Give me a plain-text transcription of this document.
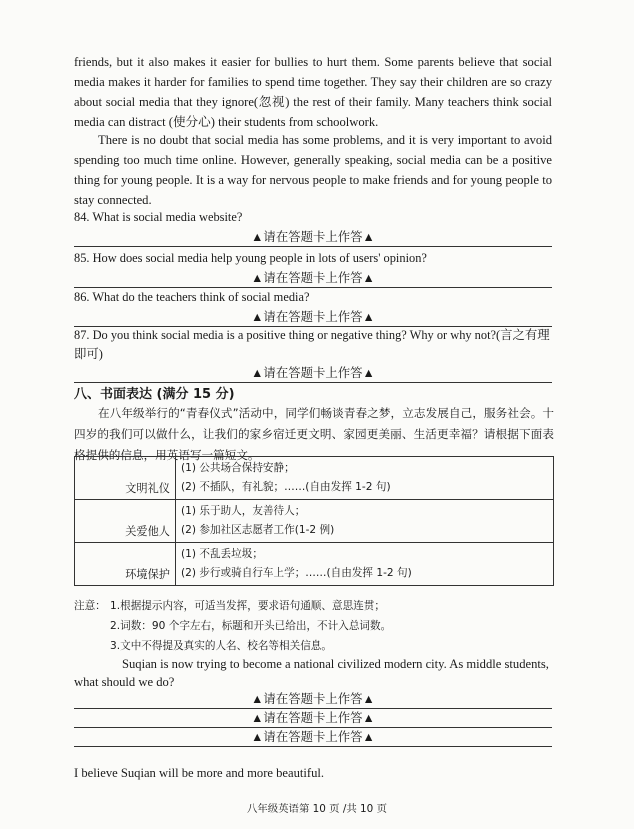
friends, but it also makes it easier for bullies to hurt them. Some parents believe that social media makes it harder for families to spend time together. They say their children are so crazy about social media that they ignore(忽视) the rest of their family. Many teachers think social media can distract (使分心) their students from schoolwork.

There is no doubt that social media has some problems, and it is very important to avoid spending too much time online. However, generally speaking, social media can be a positive thing for young people. It is a way for nervous people to make friends and for young people to stay connected.

84. What is social media website?

▲请在答题卡上作答▲

85. How does social media help young people in lots of users' opinion?

▲请在答题卡上作答▲

86. What do the teachers think of social media?

▲请在答题卡上作答▲

87. Do you think social media is a positive thing or negative thing? Why or why not?(言之有理即可)

▲请在答题卡上作答▲

八、书面表达 (满分 15 分)

在八年级举行的“青春仪式”活动中，同学们畅谈青春之梦，立志发展自己，服务社会。十四岁的我们可以做什么，让我们的家乡宿迁更文明、家园更美丽、生活更幸福？请根据下面表格提供的信息，用英语写一篇短文。

文明礼仪	(1) 公共场合保持安静；
(2) 不插队，有礼貌；……(自由发挥 1-2 句)

关爱他人	(1) 乐于助人，友善待人；
(2) 参加社区志愿者工作(1-2 例)

环境保护	(1) 不乱丢垃圾；
(2) 步行或骑自行车上学；……(自由发挥 1-2 句)
注意： 1.根据提示内容，可适当发挥，要求语句通顺、意思连贯；
2.词数：90 个字左右，标题和开头已给出，不计入总词数。
3.文中不得提及真实的人名、校名等相关信息。

Suqian is now trying to become a national civilized modern city. As middle students, what should we do?

▲请在答题卡上作答▲
▲请在答题卡上作答▲
▲请在答题卡上作答▲

I believe Suqian will be more and more beautiful.

八年级英语第 10 页 /共 10 页
